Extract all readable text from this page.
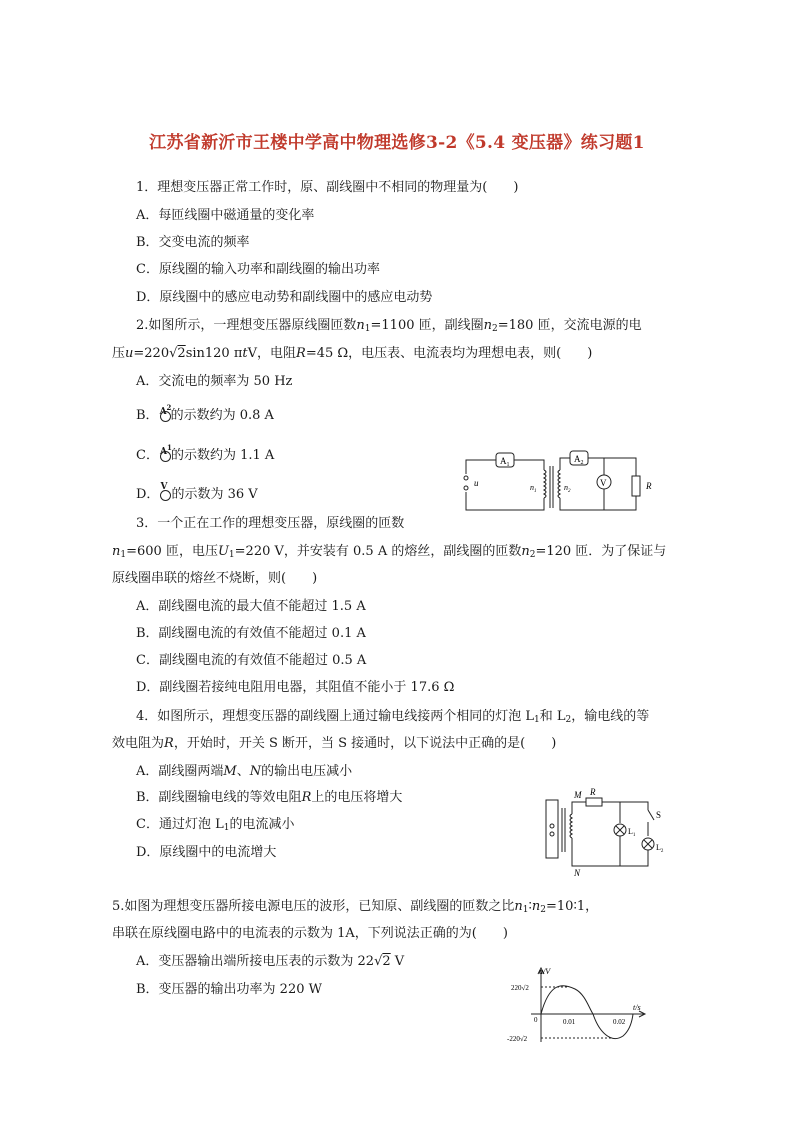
江苏省新沂市王楼中学高中物理选修3-2《5.4 变压器》练习题1
1．理想变压器正常工作时，原、副线圈中不相同的物理量为(　　)
A．每匝线圈中磁通量的变化率
B．交变电流的频率
C．原线圈的输入功率和副线圈的输出功率
D．原线圈中的感应电动势和副线圈中的感应电动势
2.如图所示，一理想变压器原线圈匝数$n_1=1100$ 匝，副线圈$n_2=180$ 匝，交流电源的电
压u=220√2sin120 πtV，电阻R=45 Ω，电压表、电流表均为理想电表，则(　　)
A．交流电的频率为 50 Hz
B． $A^2$
的示数约为 0.8 A
C． $A^1$
的示数约为 1.1 A
D． V 的示数为 36 V
$A_1$
$A_2$
V
u	$n_1$	$n_2$
R
3．一个正在工作的理想变压器，原线圈的匝数
$n_1=600$ 匝，电压$U_1=220$ V，并安装有 0.5 A 的熔丝，副线圈的匝数$n_2=120$ 匝．为了保证与
原线圈串联的熔丝不烧断，则(　　)
A．副线圈电流的最大值不能超过 1.5 A
B．副线圈电流的有效值不能超过 0.1 A
C．副线圈电流的有效值不能超过 0.5 A
D．副线圈若接纯电阻用电器，其阻值不能小于 17.6 Ω
4．如图所示，理想变压器的副线圈上通过输电线接两个相同的灯泡 $L_1$和 $L_2$，输电线的等
效电阻为R，开始时，开关 S 断开，当 S 接通时，以下说法中正确的是(　　)
A．副线圈两端M、N的输出电压减小
B．副线圈输电线的等效电阻R上的电压将增大
C．通过灯泡 $L_1$的电流减小
D．原线圈中的电流增大
M
N
R
S
$L_1$
$L_2$
5.如图为理想变压器所接电源电压的波形，已知原、副线圈的匝数之比$n_1∶n_2=10∶1$，
串联在原线圈电路中的电流表的示数为 1A，下列说法正确的为(　　)
A．变压器输出端所接电压表的示数为 22√2 V
B．变压器的输出功率为 220 W
u/V
t/s
220√2
-220√2
0	0.01	0.02
